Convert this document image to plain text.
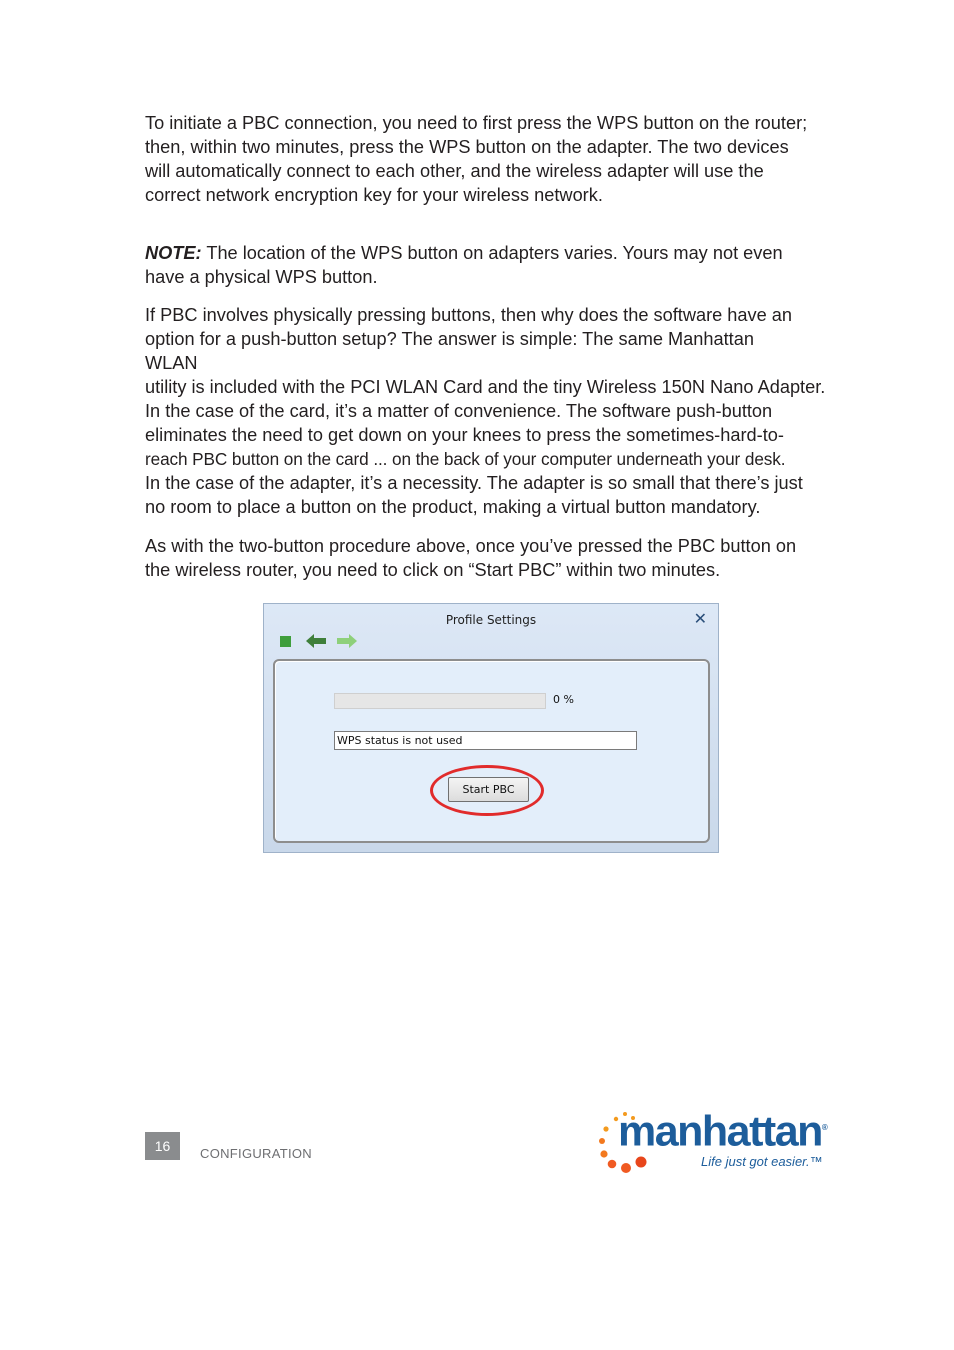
To initiate a PBC connection, you need to first press the WPS button on the router;
then, within two minutes, press the WPS button on the adapter. The two devices
will automatically connect to each other, and the wireless adapter will use the
correct network encryption key for your wireless network.
NOTE: The location of the WPS button on adapters varies. Yours may not even
have a physical WPS button.
If PBC involves physically pressing buttons, then why does the software have an
option for a push-button setup? The answer is simple: The same Manhattan
WLAN
utility is included with the PCI WLAN Card and the tiny Wireless 150N Nano Adapter.
In the case of the card, it’s a matter of convenience. The software push-button
eliminates the need to get down on your knees to press the sometimes-hard-to-
reach PBC button on the card ... on the back of your computer underneath your desk.
In the case of the adapter, it’s a necessity. The adapter is so small that there’s just
no room to place a button on the product, making a virtual button mandatory.
As with the two-button procedure above, once you’ve pressed the PBC button on
the wireless router, you need to click on “Start PBC” within two minutes.
Profile Settings	✕
0 %
WPS status is not used
Start PBC
16	CONFIGURATION	manhattan®
Life just got easier.™
